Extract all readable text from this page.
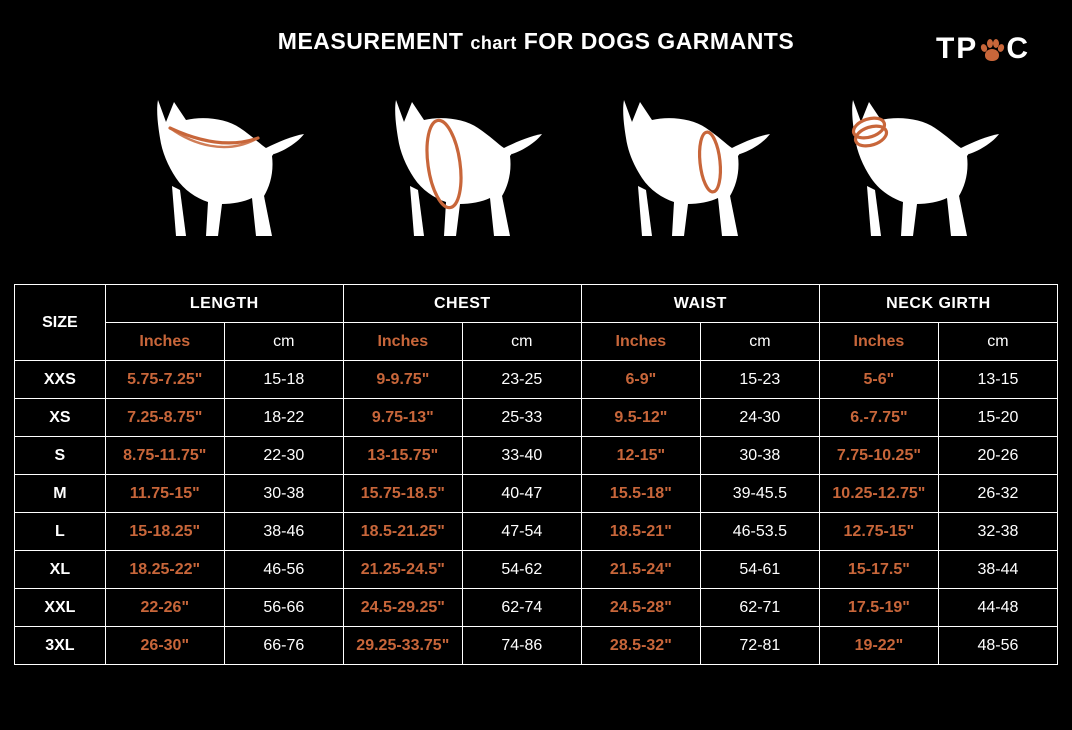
MEASUREMENT chart FOR DOGS GARMANTS	TP C
SIZE	LENGTH		CHEST		WAIST		NECK GIRTH	
	Inches	cm	Inches	cm	Inches	cm	Inches	cm
XXS	5.75-7.25"	15-18	9-9.75"	23-25	6-9"	15-23	5-6"	13-15
XS	7.25-8.75"	18-22	9.75-13"	25-33	9.5-12"	24-30	6.-7.75"	15-20
S	8.75-11.75"	22-30	13-15.75"	33-40	12-15"	30-38	7.75-10.25"	20-26
M	11.75-15"	30-38	15.75-18.5"	40-47	15.5-18"	39-45.5	10.25-12.75"	26-32
L	15-18.25"	38-46	18.5-21.25"	47-54	18.5-21"	46-53.5	12.75-15"	32-38
XL	18.25-22"	46-56	21.25-24.5"	54-62	21.5-24"	54-61	15-17.5"	38-44
XXL	22-26"	56-66	24.5-29.25"	62-74	24.5-28"	62-71	17.5-19"	44-48
3XL	26-30"	66-76	29.25-33.75"	74-86	28.5-32"	72-81	19-22"	48-56
